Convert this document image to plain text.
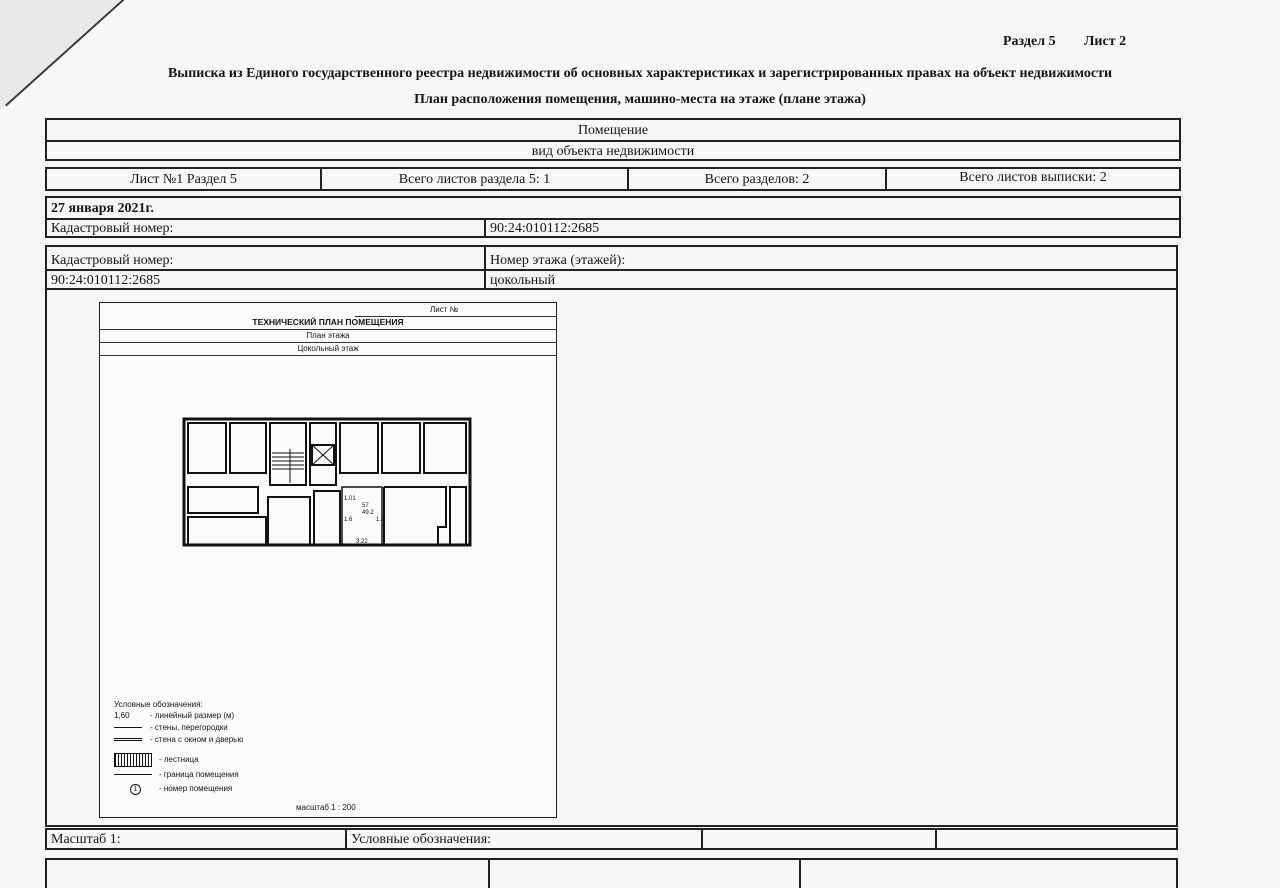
Раздел 5 Лист 2
Выписка из Единого государственного реестра недвижимости об основных характеристиках и зарегистрированных правах на объект недвижимости
План расположения помещения, машино-места на этаже (плане этажа)
Помещение
вид объекта недвижимости
Лист №1 Раздел 5	Всего листов раздела 5: 1	Всего разделов: 2	Всего листов выписки: 2
27 января 2021г.
Кадастровый номер:	90:24:010112:2685
Кадастровый номер:	Номер этажа (этажей):
90:24:010112:2685	цокольный
Лист №
ТЕХНИЧЕСКИЙ ПЛАН ПОМЕЩЕНИЯ
План этажа
Цокольный этаж
1.01
57
49.2
1.6	1.8
3.22
Условные обозначения:
1,60	- линейный размер (м)
- стены, перегородки
- стена с окном и дверью
- лестница
- граница помещения
1	- номер помещения
масштаб 1 : 200
Масштаб 1:	Условные обозначения:
